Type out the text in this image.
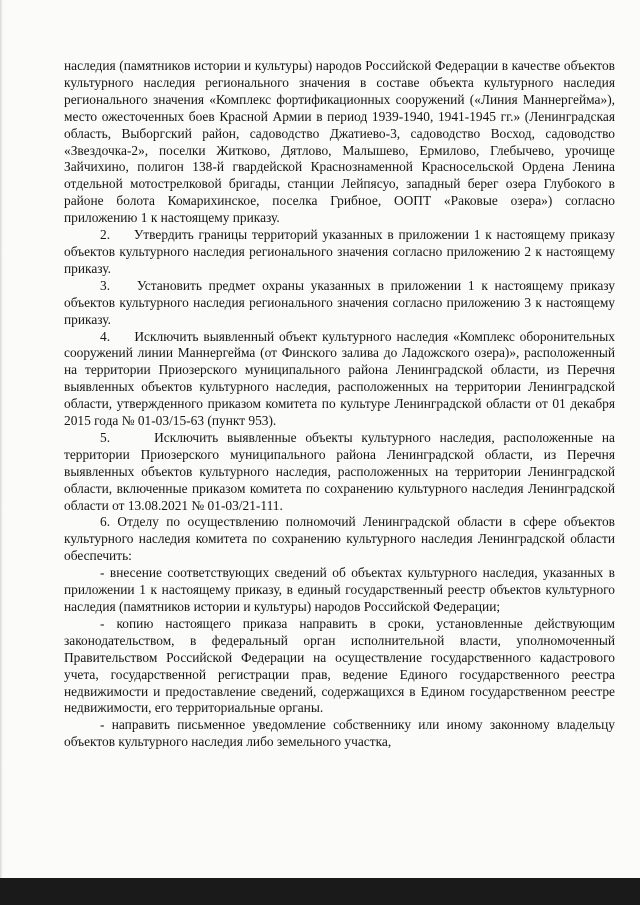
наследия (памятников истории и культуры) народов Российской Федерации в качестве объектов культурного наследия регионального значения в составе объекта культурного наследия регионального значения «Комплекс фортификационных сооружений («Линия Маннергейма»), место ожесточенных боев Красной Армии в период 1939-1940, 1941-1945 гг.» (Ленинградская область, Выборгский район, садоводство Джатиево-3, садоводство Восход, садоводство «Звездочка-2», поселки Житково, Дятлово, Малышево, Ермилово, Глебычево, урочище Зайчихино, полигон 138-й гвардейской Краснознаменной Красносельской Ордена Ленина отдельной мотострелковой бригады, станции Лейпясуо, западный берег озера Глубокого в районе болота Комарихинское, поселка Грибное, ООПТ «Раковые озера») согласно приложению 1 к настоящему приказу.

2.     Утвердить границы территорий указанных в приложении 1 к настоящему приказу объектов культурного наследия регионального значения согласно приложению 2 к настоящему приказу.

3.    Установить предмет охраны указанных в приложении 1 к настоящему приказу объектов культурного наследия регионального значения согласно приложению 3 к настоящему приказу.

4.     Исключить выявленный объект культурного наследия «Комплекс оборонительных сооружений линии Маннергейма (от Финского залива до Ладожского озера)», расположенный на территории Приозерского муниципального района Ленинградской области, из Перечня выявленных объектов культурного наследия, расположенных на территории Ленинградской области, утвержденного приказом комитета по культуре Ленинградской области от 01 декабря 2015 года № 01-03/15-63 (пункт 953).

5.     Исключить выявленные объекты культурного наследия, расположенные на территории Приозерского муниципального района Ленинградской области, из Перечня выявленных объектов культурного наследия, расположенных на территории Ленинградской области, включенные приказом комитета по сохранению культурного наследия Ленинградской области от 13.08.2021 № 01-03/21-111.

6. Отделу по осуществлению полномочий Ленинградской области в сфере объектов культурного наследия комитета по сохранению культурного наследия Ленинградской области обеспечить:

- внесение соответствующих сведений об объектах культурного наследия, указанных в приложении 1 к настоящему приказу, в единый государственный реестр объектов культурного наследия (памятников истории и культуры) народов Российской Федерации;

- копию настоящего приказа направить в сроки, установленные действующим законодательством, в федеральный орган исполнительной власти, уполномоченный Правительством Российской Федерации на осуществление государственного кадастрового учета, государственной регистрации прав, ведение Единого государственного реестра недвижимости и предоставление сведений, содержащихся в Едином государственном реестре недвижимости, его территориальные органы.

- направить письменное уведомление собственнику или иному законному владельцу объектов культурного наследия либо земельного участка,
